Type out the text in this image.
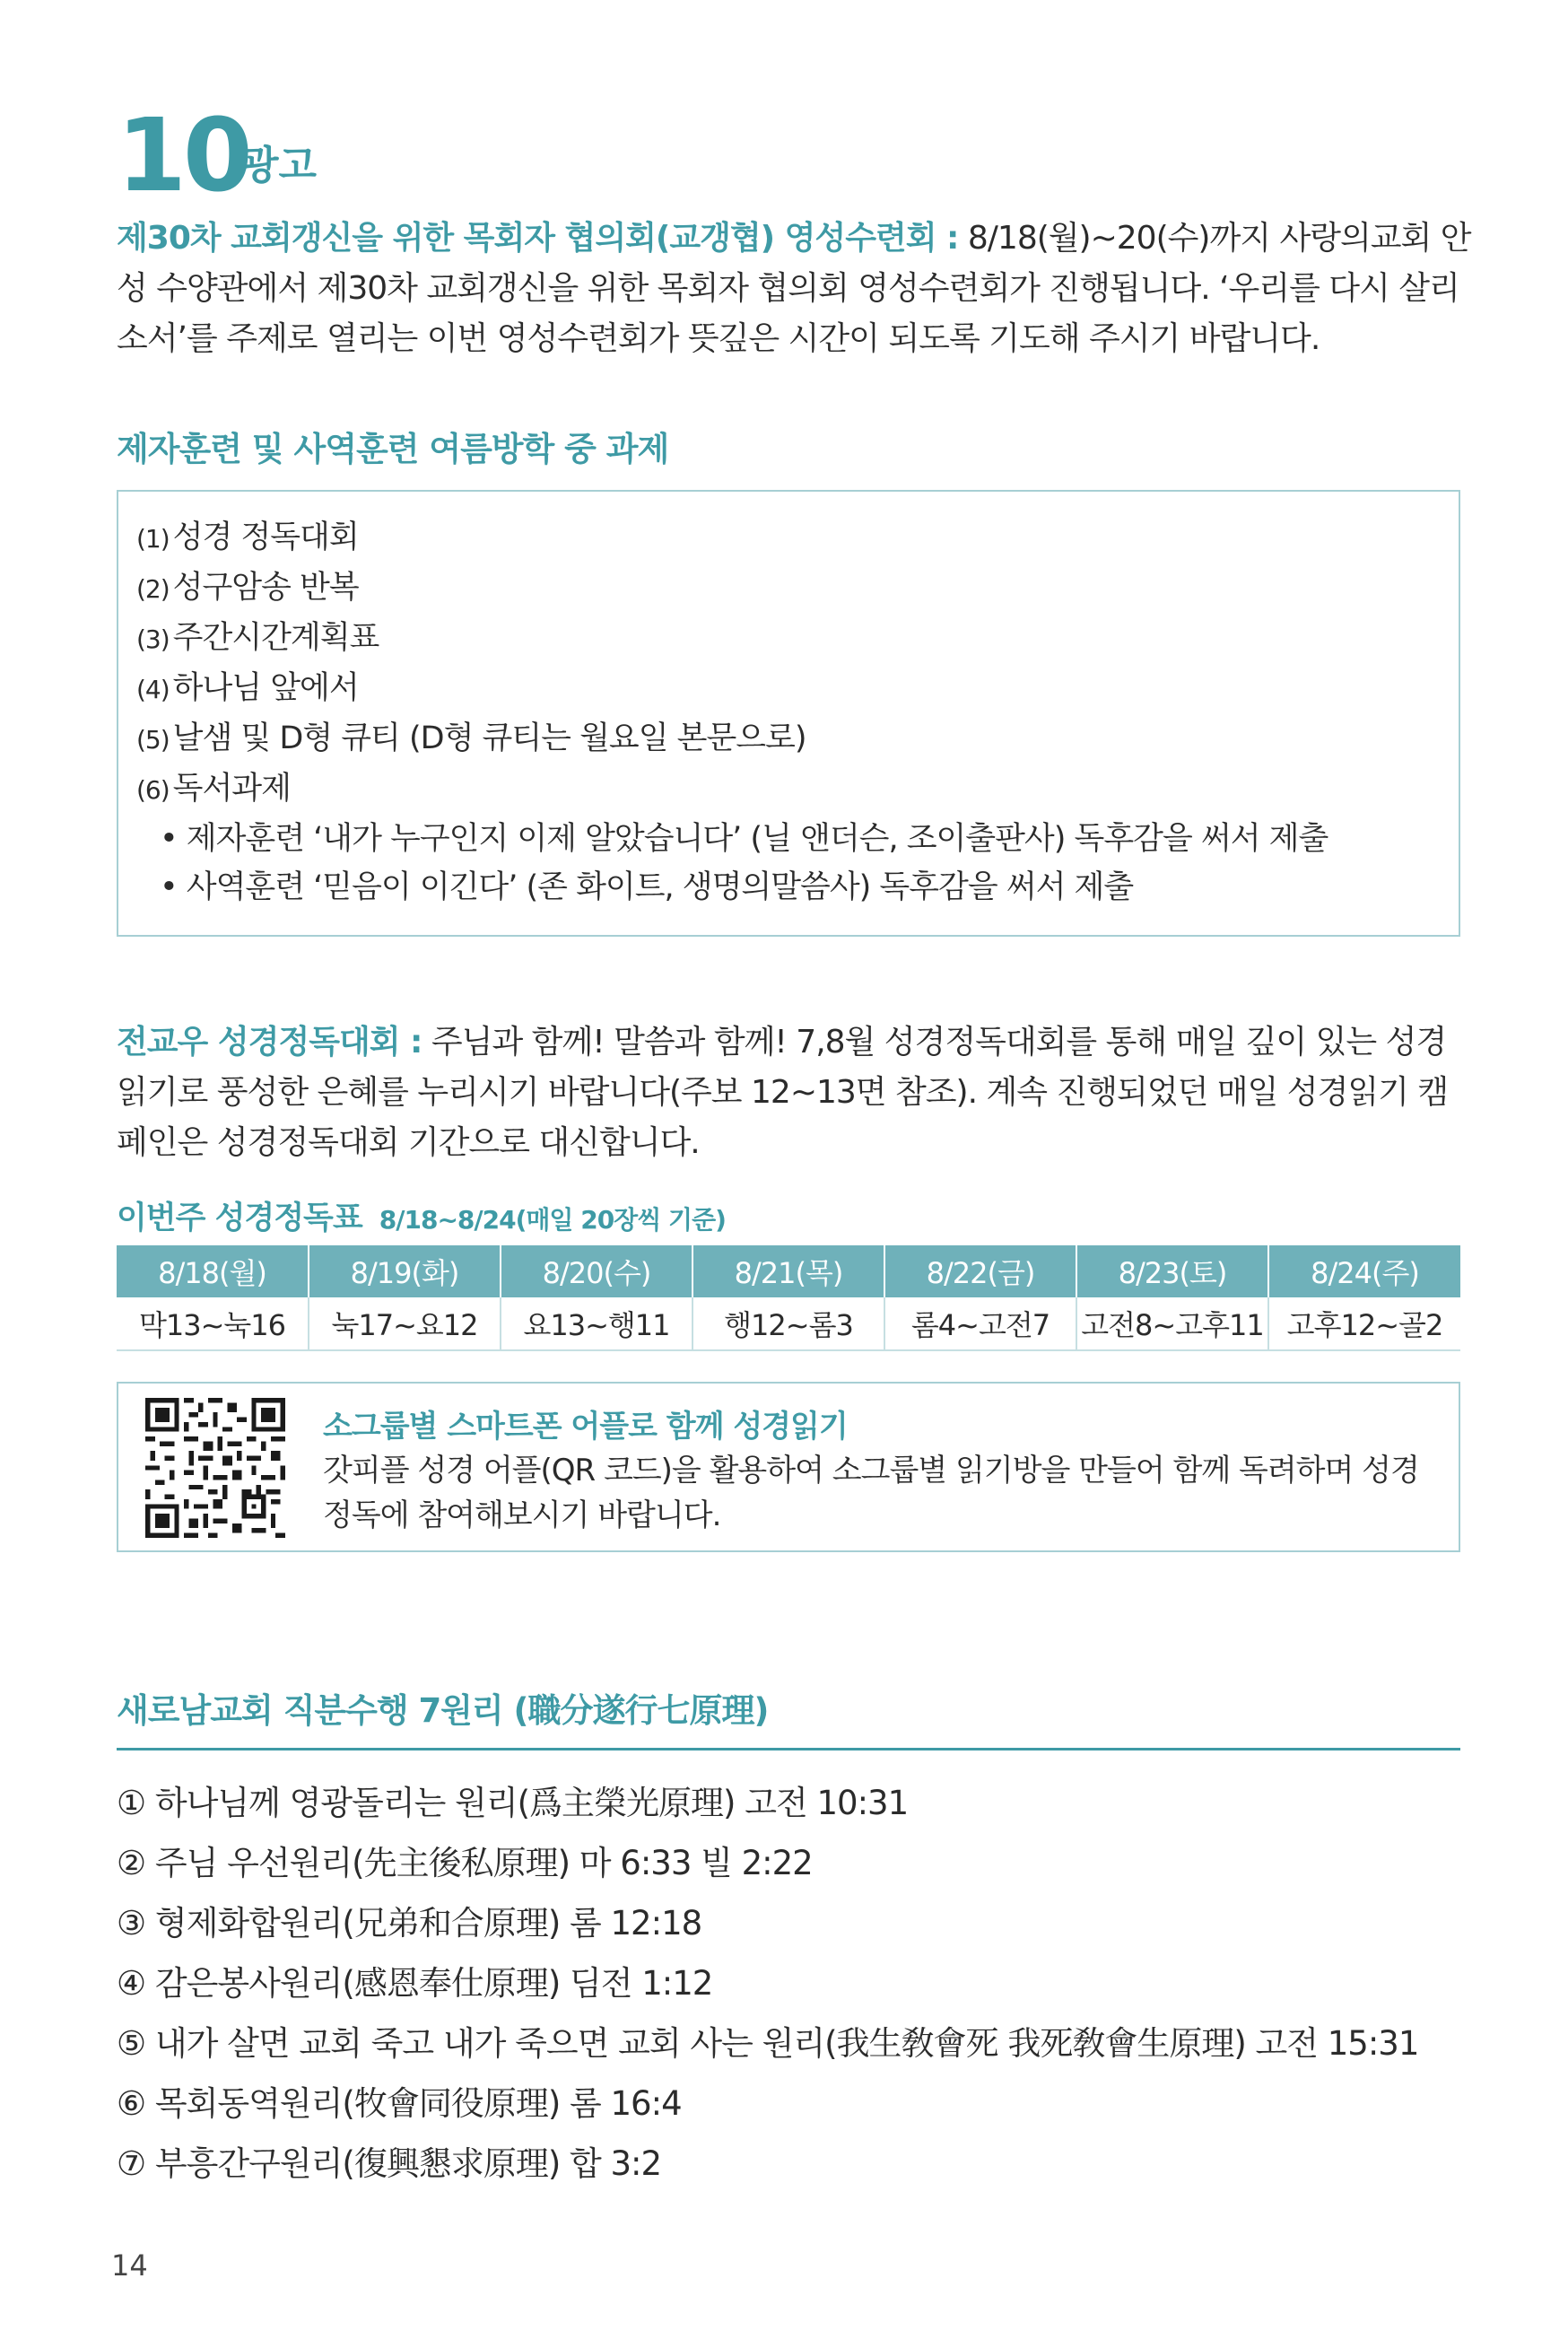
10
광고
제30차 교회갱신을 위한 목회자 협의회(교갱협) 영성수련회 : 8/18(월)~20(수)까지 사랑의교회 안성 수양관에서 제30차 교회갱신을 위한 목회자 협의회 영성수련회가 진행됩니다. ‘우리를 다시 살리소서’를 주제로 열리는 이번 영성수련회가 뜻깊은 시간이 되도록 기도해 주시기 바랍니다.
제자훈련 및 사역훈련 여름방학 중 과제
(1) 성경 정독대회
(2) 성구암송 반복
(3) 주간시간계획표
(4) 하나님 앞에서
(5) 날샘 및 D형 큐티 (D형 큐티는 월요일 본문으로)
(6) 독서과제
• 제자훈련 ‘내가 누구인지 이제 알았습니다’ (닐 앤더슨, 조이출판사) 독후감을 써서 제출
• 사역훈련 ‘믿음이 이긴다’ (존 화이트, 생명의말씀사) 독후감을 써서 제출
전교우 성경정독대회 : 주님과 함께! 말씀과 함께! 7,8월 성경정독대회를 통해 매일 깊이 있는 성경읽기로 풍성한 은혜를 누리시기 바랍니다(주보 12~13면 참조). 계속 진행되었던 매일 성경읽기 캠페인은 성경정독대회 기간으로 대신합니다.
이번주 성경정독표 8/18~8/24(매일 20장씩 기준)
8/18(월)	8/19(화)	8/20(수)	8/21(목)	8/22(금)	8/23(토)	8/24(주)
막13~눅16	눅17~요12	요13~행11	행12~롬3	롬4~고전7	고전8~고후11	고후12~골2
소그룹별 스마트폰 어플로 함께 성경읽기
갓피플 성경 어플(QR 코드)을 활용하여 소그룹별 읽기방을 만들어 함께 독려하며 성경 정독에 참여해보시기 바랍니다.
새로남교회 직분수행 7원리 (職分遂行七原理)
① 하나님께 영광돌리는 원리(爲主榮光原理) 고전 10:31
② 주님 우선원리(先主後私原理) 마 6:33 빌 2:22
③ 형제화합원리(兄弟和合原理) 롬 12:18
④ 감은봉사원리(感恩奉仕原理) 딤전 1:12
⑤ 내가 살면 교회 죽고 내가 죽으면 교회 사는 원리(我生敎會死 我死敎會生原理) 고전 15:31
⑥ 목회동역원리(牧會同役原理) 롬 16:4
⑦ 부흥간구원리(復興懇求原理) 합 3:2
14
